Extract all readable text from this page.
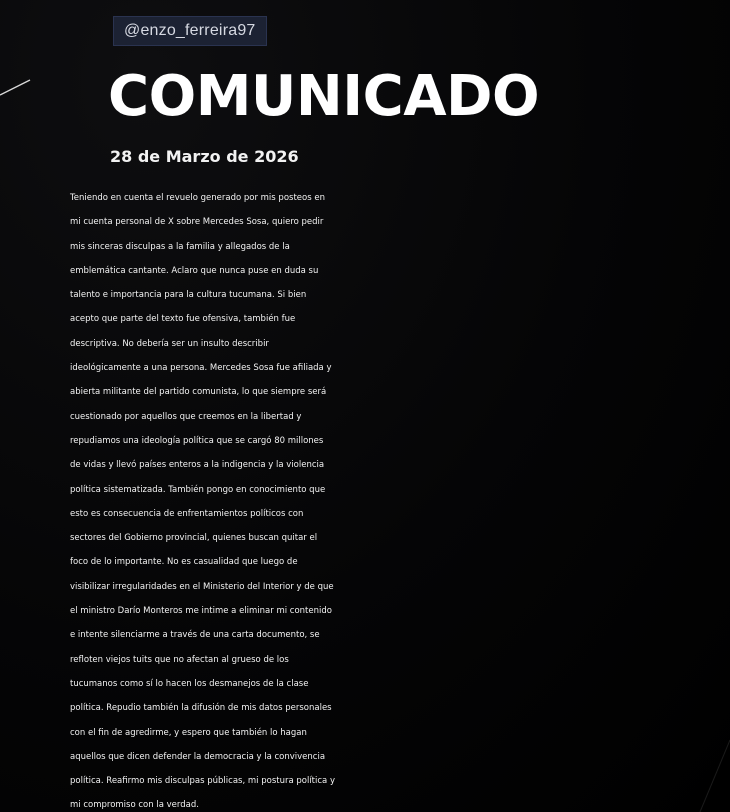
@enzo_ferreira97
COMUNICADO
28 de Marzo de 2026

Teniendo en cuenta el revuelo generado por mis posteos en
mi cuenta personal de X sobre Mercedes Sosa, quiero pedir
mis sinceras disculpas a la familia y allegados de la
emblemática cantante. Aclaro que nunca puse en duda su
talento e importancia para la cultura tucumana. Si bien
acepto que parte del texto fue ofensiva, también fue
descriptiva. No debería ser un insulto describir
ideológicamente a una persona. Mercedes Sosa fue afiliada y
abierta militante del partido comunista, lo que siempre será
cuestionado por aquellos que creemos en la libertad y
repudiamos una ideología política que se cargó 80 millones
de vidas y llevó países enteros a la indigencia y la violencia
política sistematizada. También pongo en conocimiento que
esto es consecuencia de enfrentamientos políticos con
sectores del Gobierno provincial, quienes buscan quitar el
foco de lo importante. No es casualidad que luego de
visibilizar irregularidades en el Ministerio del Interior y de que
el ministro Darío Monteros me intime a eliminar mi contenido
e intente silenciarme a través de una carta documento, se
refloten viejos tuits que no afectan al grueso de los
tucumanos como sí lo hacen los desmanejos de la clase
política. Repudio también la difusión de mis datos personales
con el fin de agredirme, y espero que también lo hagan
aquellos que dicen defender la democracia y la convivencia
política. Reafirmo mis disculpas públicas, mi postura política y
mi compromiso con la verdad.
